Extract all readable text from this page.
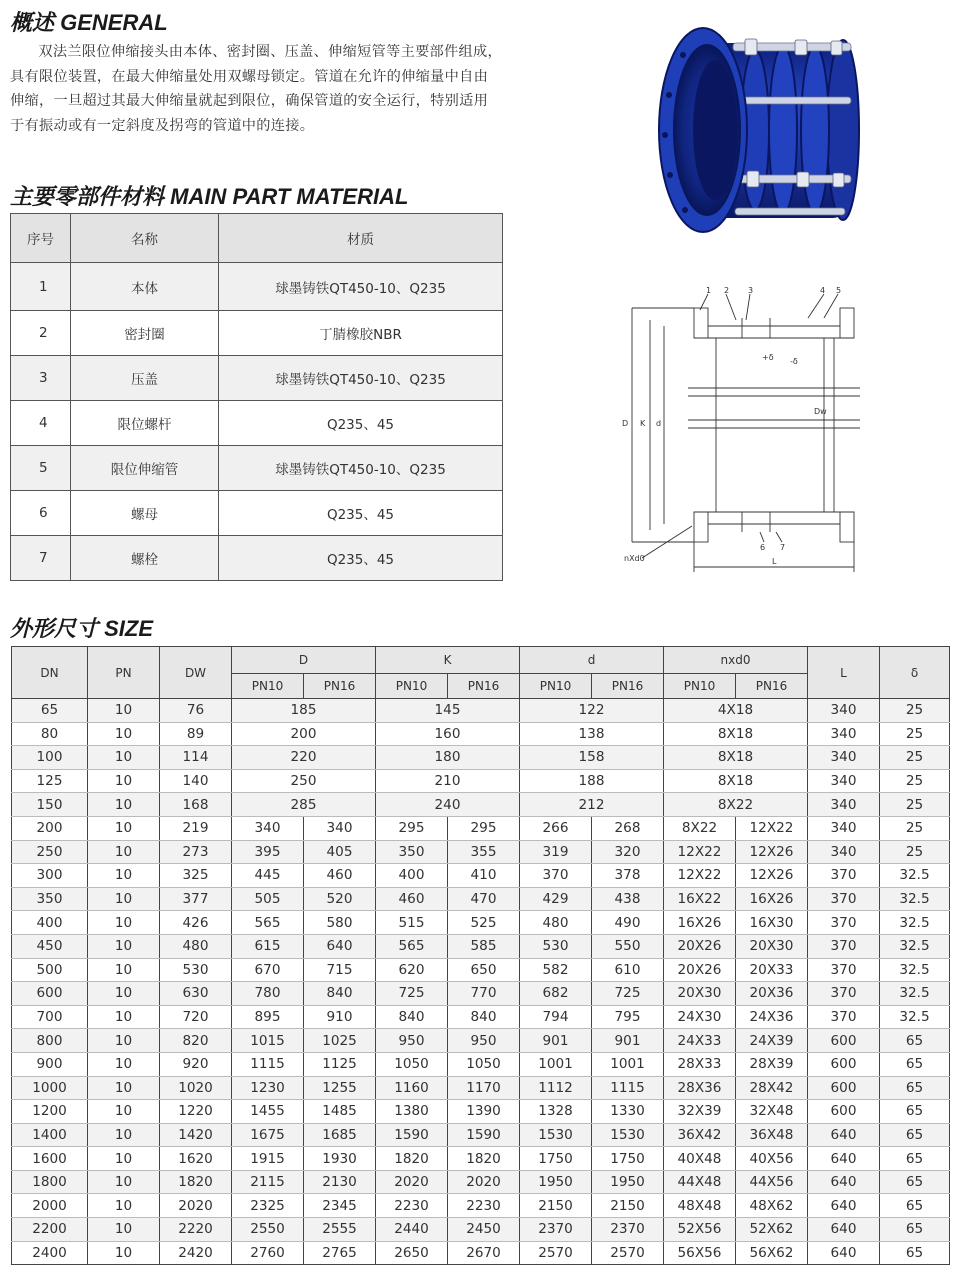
概述 GENERAL
双法兰限位伸缩接头由本体、密封圈、压盖、伸缩短管等主要部件组成，具有限位装置，在最大伸缩量处用双螺母锁定。管道在允许的伸缩量中自由伸缩，一旦超过其最大伸缩量就起到限位，确保管道的安全运行，特别适用于有振动或有一定斜度及拐弯的管道中的连接。
主要零部件材料 MAIN PART MATERIAL
序号	名称	材质
1	本体	球墨铸铁QT450-10、Q235
2	密封圈	丁腈橡胶NBR
3	压盖	球墨铸铁QT450-10、Q235
4	限位螺杆	Q235、45
5	限位伸缩管	球墨铸铁QT450-10、Q235
6	螺母	Q235、45
7	螺栓	Q235、45
1 2 3	4 5
6 7
D K d
Dw
L
nXd0
+δ -δ
外形尺寸 SIZE
DN	PN	DW	D		K		d		nxd0		L	δ
			PN10	PN16	PN10	PN16	PN10	PN16	PN10	PN16		
65	10	76	185		145		122		4X18		340	25
80	10	89	200		160		138		8X18		340	25
100	10	114	220		180		158		8X18		340	25
125	10	140	250		210		188		8X18		340	25
150	10	168	285		240		212		8X22		340	25
200	10	219	340	340	295	295	266	268	8X22	12X22	340	25
250	10	273	395	405	350	355	319	320	12X22	12X26	340	25
300	10	325	445	460	400	410	370	378	12X22	12X26	370	32.5
350	10	377	505	520	460	470	429	438	16X22	16X26	370	32.5
400	10	426	565	580	515	525	480	490	16X26	16X30	370	32.5
450	10	480	615	640	565	585	530	550	20X26	20X30	370	32.5
500	10	530	670	715	620	650	582	610	20X26	20X33	370	32.5
600	10	630	780	840	725	770	682	725	20X30	20X36	370	32.5
700	10	720	895	910	840	840	794	795	24X30	24X36	370	32.5
800	10	820	1015	1025	950	950	901	901	24X33	24X39	600	65
900	10	920	1115	1125	1050	1050	1001	1001	28X33	28X39	600	65
1000	10	1020	1230	1255	1160	1170	1112	1115	28X36	28X42	600	65
1200	10	1220	1455	1485	1380	1390	1328	1330	32X39	32X48	600	65
1400	10	1420	1675	1685	1590	1590	1530	1530	36X42	36X48	640	65
1600	10	1620	1915	1930	1820	1820	1750	1750	40X48	40X56	640	65
1800	10	1820	2115	2130	2020	2020	1950	1950	44X48	44X56	640	65
2000	10	2020	2325	2345	2230	2230	2150	2150	48X48	48X62	640	65
2200	10	2220	2550	2555	2440	2450	2370	2370	52X56	52X62	640	65
2400	10	2420	2760	2765	2650	2670	2570	2570	56X56	56X62	640	65
